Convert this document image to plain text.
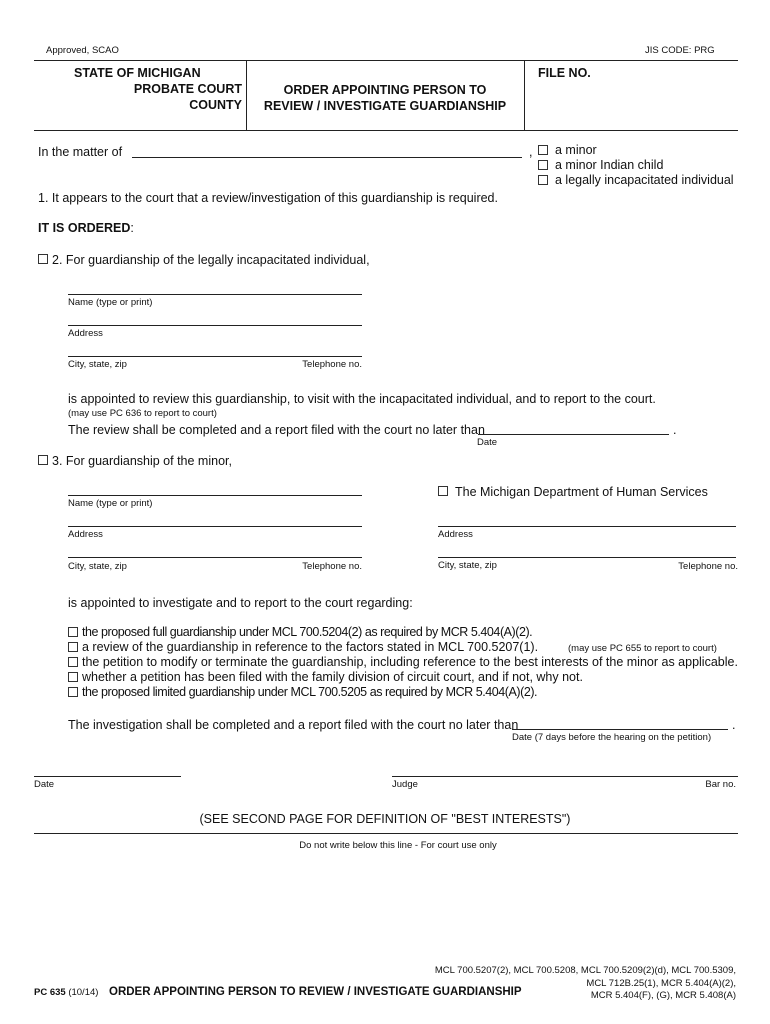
Approved, SCAO	JIS CODE: PRG
STATE OF MICHIGAN
PROBATE COURT
COUNTY
ORDER APPOINTING PERSON TO
REVIEW / INVESTIGATE GUARDIANSHIP
FILE NO.
In the matter of	, a minor
a minor Indian child
a legally incapacitated individual
1. It appears to the court that a review/investigation of this guardianship is required.
IT IS ORDERED:
2. For guardianship of the legally incapacitated individual,
Name (type or print)
Address
City, state, zip	Telephone no.
is appointed to review this guardianship, to visit with the incapacitated individual, and to report to the court.
(may use PC 636 to report to court)
The review shall be completed and a report filed with the court no later than	.
Date
3. For guardianship of the minor,
Name (type or print)
Address
City, state, zip	Telephone no.
The Michigan Department of Human Services
Address
City, state, zip	Telephone no.
is appointed to investigate and to report to the court regarding:
the proposed full guardianship under MCL 700.5204(2) as required by MCR 5.404(A)(2).
a review of the guardianship in reference to the factors stated in MCL 700.5207(1).	(may use PC 655 to report to court)
the petition to modify or terminate the guardianship, including reference to the best interests of the minor as applicable.
whether a petition has been filed with the family division of circuit court, and if not, why not.
the proposed limited guardianship under MCL 700.5205 as required by MCR 5.404(A)(2).
The investigation shall be completed and a report filed with the court no later than	.
Date (7 days before the hearing on the petition)
Date	Judge	Bar no.
(SEE SECOND PAGE FOR DEFINITION OF "BEST INTERESTS")
Do not write below this line - For court use only
MCL 700.5207(2), MCL 700.5208, MCL 700.5209(2)(d), MCL 700.5309,
MCL 712B.25(1), MCR 5.404(A)(2),
MCR 5.404(F), (G), MCR 5.408(A)
PC 635 (10/14) ORDER APPOINTING PERSON TO REVIEW / INVESTIGATE GUARDIANSHIP
